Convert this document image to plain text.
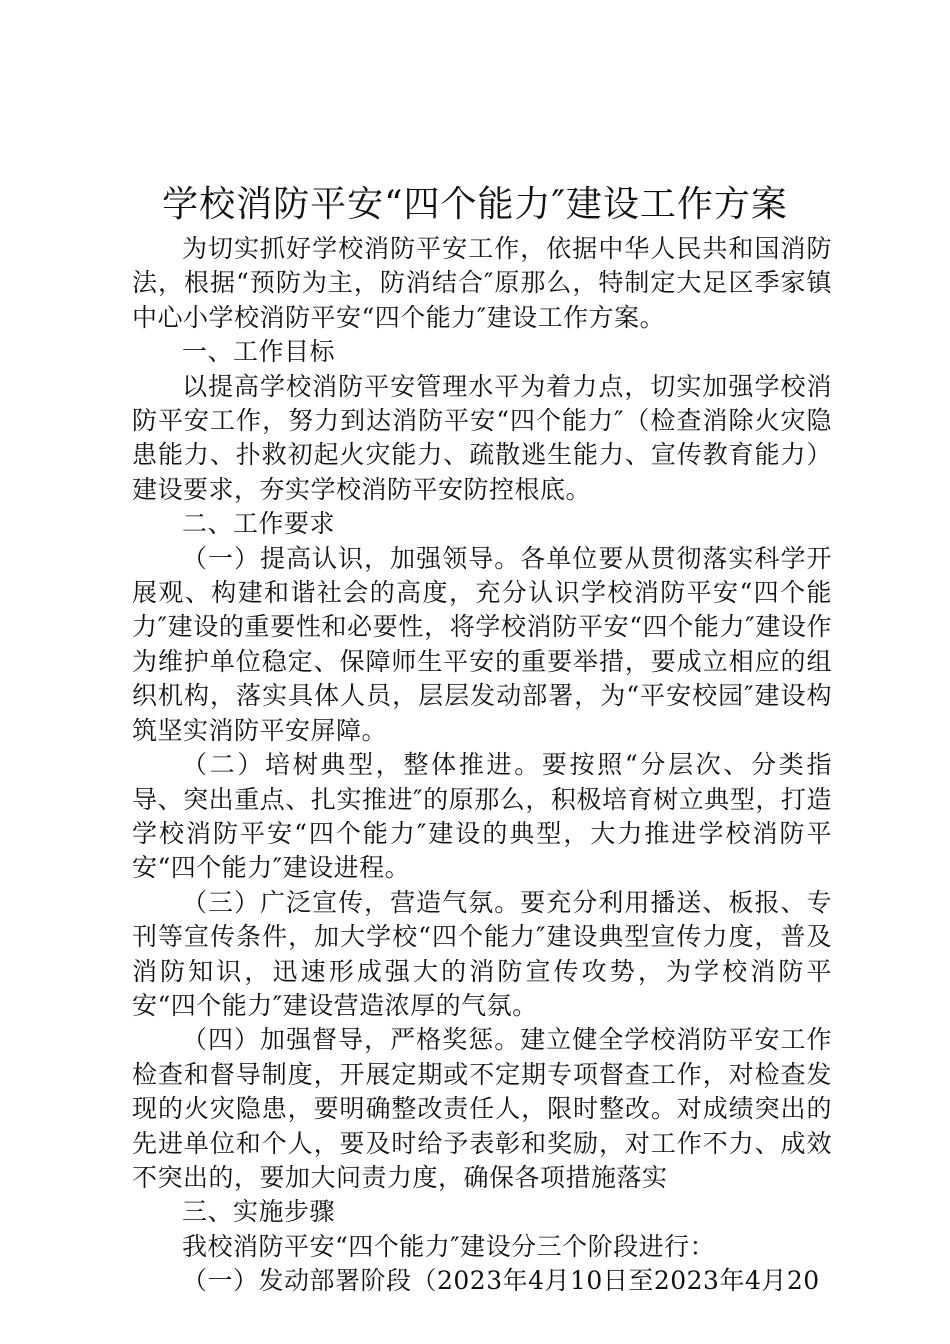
学校消防平安“四个能力″建设工作方案

为切实抓好学校消防平安工作，依据中华人民共和国消防法，根据“预防为主，防消结合″原那么，特制定大足区季家镇中心小学校消防平安“四个能力″建设工作方案。

一、工作目标

以提高学校消防平安管理水平为着力点，切实加强学校消防平安工作，努力到达消防平安“四个能力″（检查消除火灾隐患能力、扑救初起火灾能力、疏散逃生能力、宣传教育能力）建设要求，夯实学校消防平安防控根底。

二、工作要求

（一）提高认识，加强领导。各单位要从贯彻落实科学开展观、构建和谐社会的高度，充分认识学校消防平安“四个能力″建设的重要性和必要性，将学校消防平安“四个能力″建设作为维护单位稳定、保障师生平安的重要举措，要成立相应的组织机构，落实具体人员，层层发动部署，为“平安校园″建设构筑坚实消防平安屏障。

（二）培树典型，整体推进。要按照“分层次、分类指导、突出重点、扎实推进″的原那么，积极培育树立典型，打造学校消防平安“四个能力″建设的典型，大力推进学校消防平安“四个能力″建设进程。

（三）广泛宣传，营造气氛。要充分利用播送、板报、专刊等宣传条件，加大学校“四个能力″建设典型宣传力度，普及消防知识，迅速形成强大的消防宣传攻势，为学校消防平安“四个能力″建设营造浓厚的气氛。

（四）加强督导，严格奖惩。建立健全学校消防平安工作检查和督导制度，开展定期或不定期专项督查工作，对检查发现的火灾隐患，要明确整改责任人，限时整改。对成绩突出的先进单位和个人，要及时给予表彰和奖励，对工作不力、成效不突出的，要加大问责力度，确保各项措施落实

三、实施步骤

我校消防平安“四个能力″建设分三个阶段进行：

（一）发动部署阶段（2023年4月10日至2023年4月20
